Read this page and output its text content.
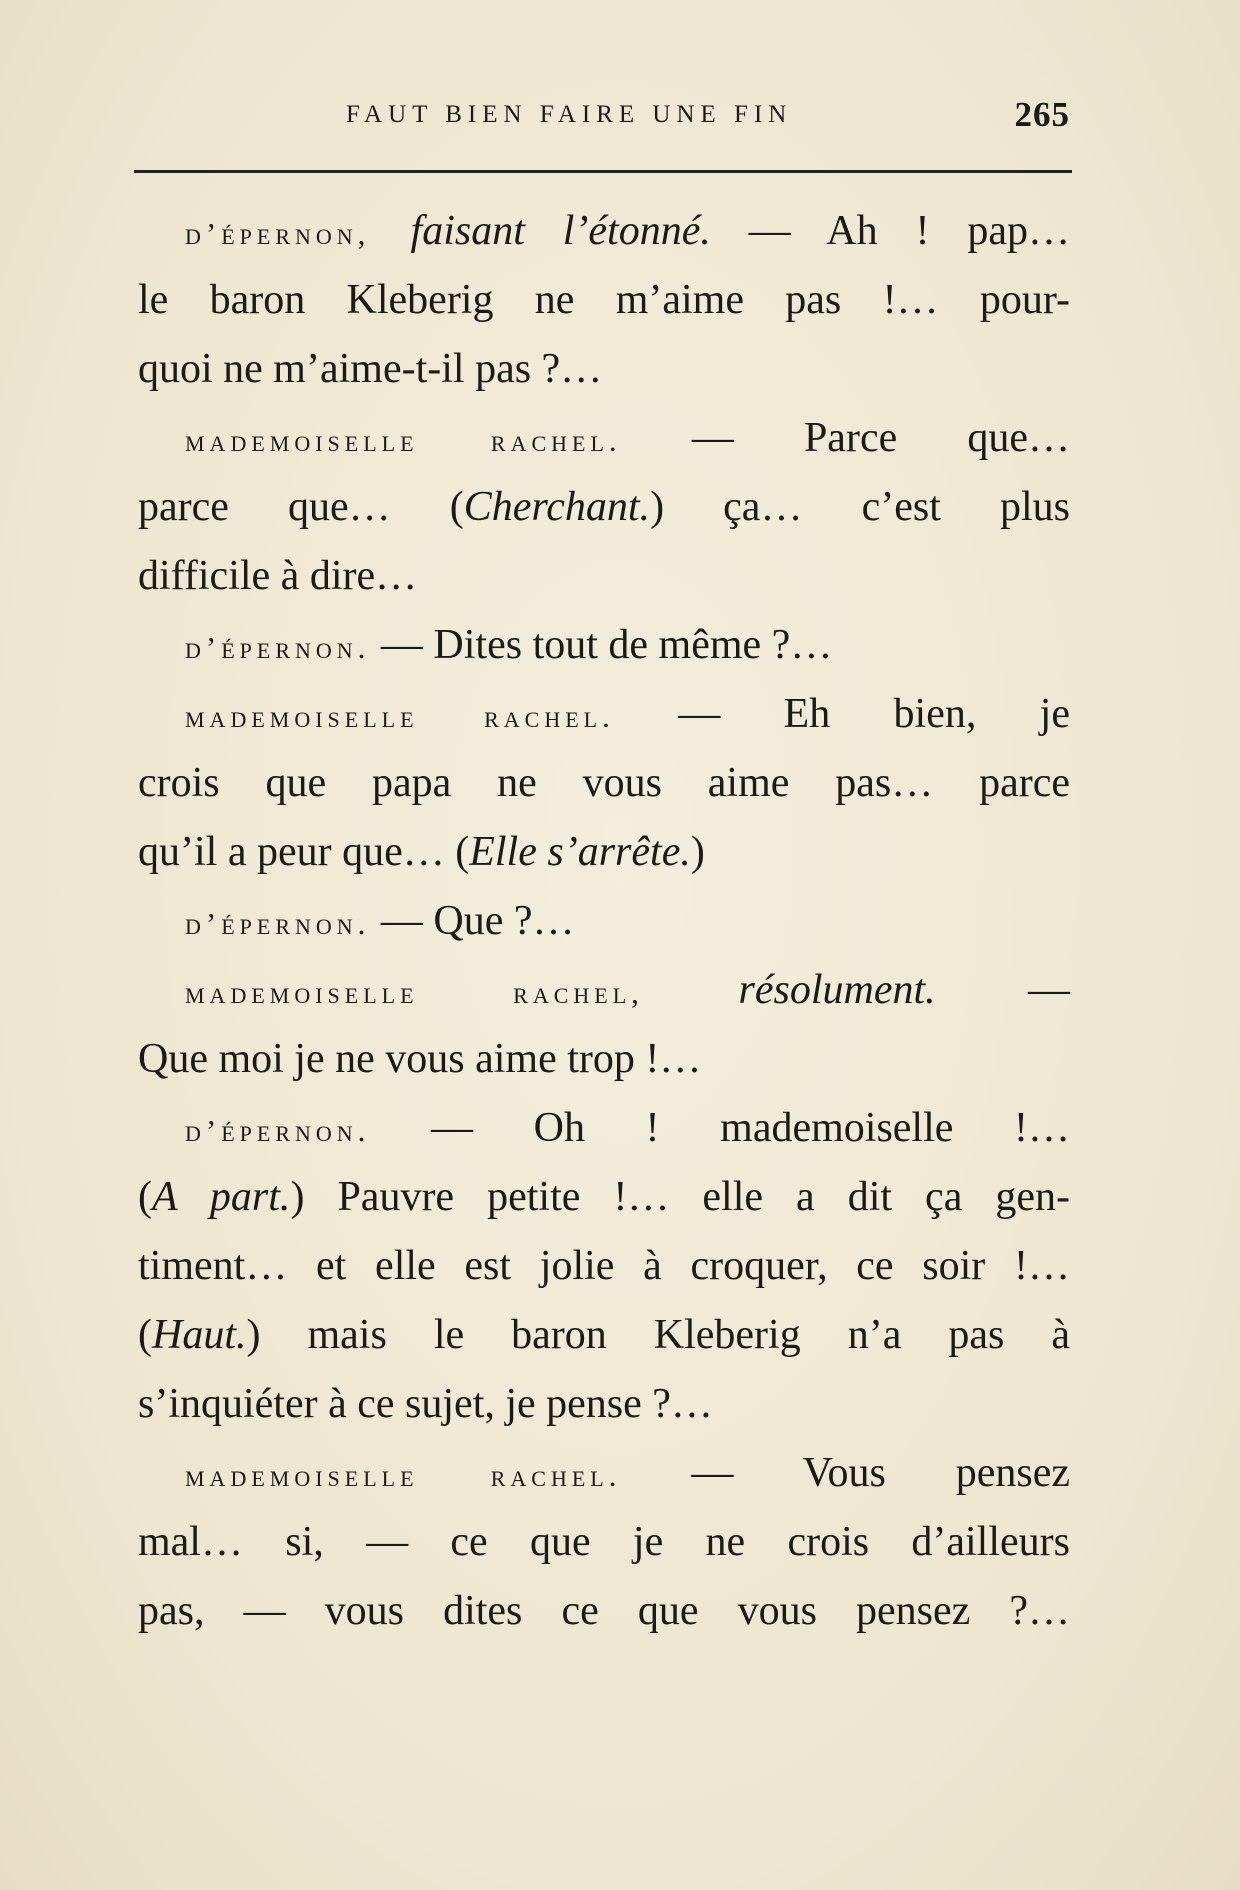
FAUT BIEN FAIRE UNE FIN	265
d’épernon, faisant l’étonné. — Ah ! pap…
le baron Kleberig ne m’aime pas !… pour-
quoi ne m’aime-t-il pas ?…
mademoiselle rachel. — Parce que…
parce que… (Cherchant.) ça… c’est plus
difficile à dire…
d’épernon. — Dites tout de même ?…
mademoiselle rachel. — Eh bien, je
crois que papa ne vous aime pas… parce
qu’il a peur que… (Elle s’arrête.)
d’épernon. — Que ?…
mademoiselle rachel, résolument. —
Que moi je ne vous aime trop !…
d’épernon. — Oh ! mademoiselle !…
(A part.) Pauvre petite !… elle a dit ça gen-
timent… et elle est jolie à croquer, ce soir !…
(Haut.) mais le baron Kleberig n’a pas à
s’inquiéter à ce sujet, je pense ?…
mademoiselle rachel. — Vous pensez
mal… si, — ce que je ne crois d’ailleurs
pas, — vous dites ce que vous pensez ?…
